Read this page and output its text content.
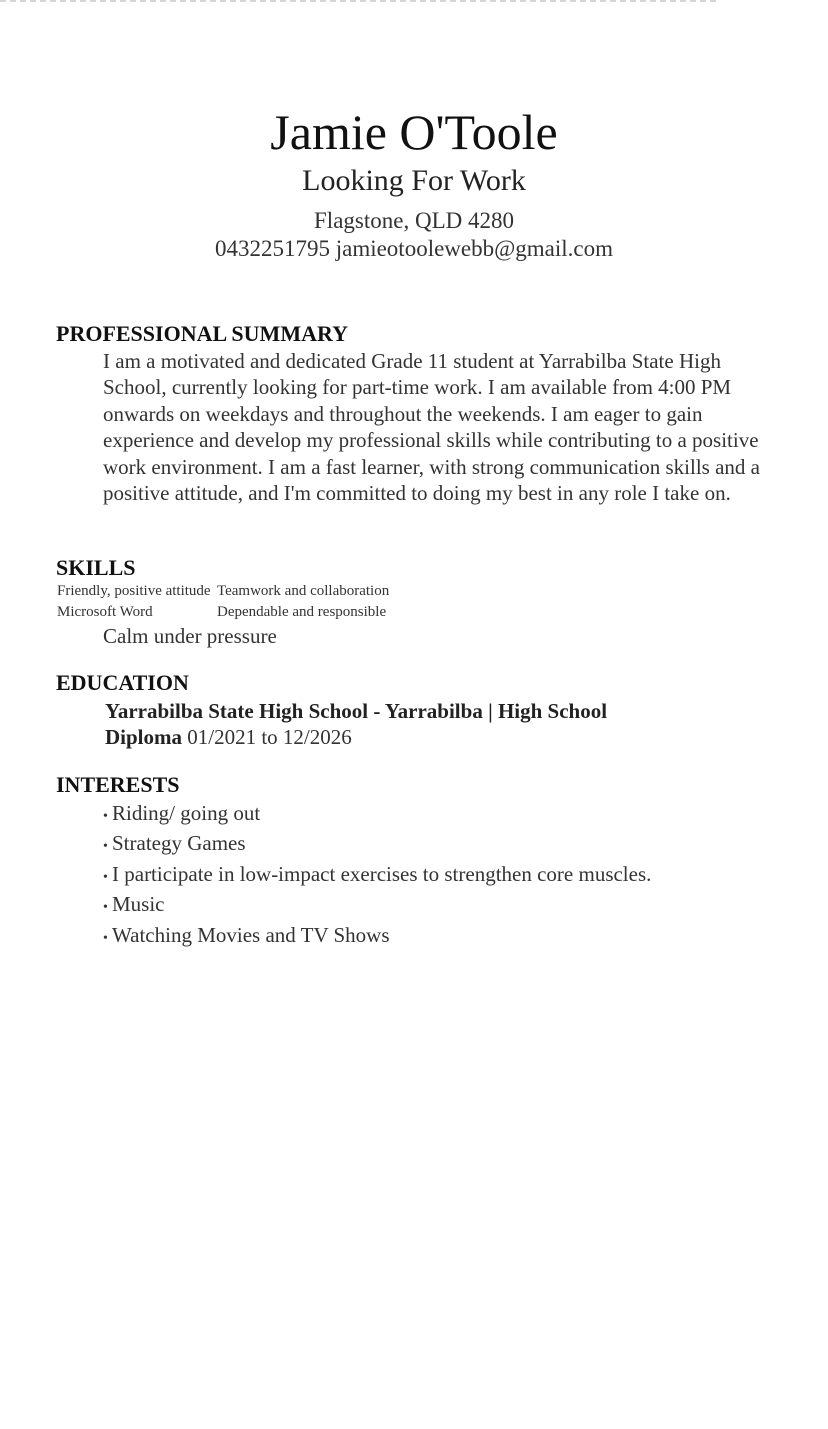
Jamie O'Toole
Looking For Work
Flagstone, QLD 4280
0432251795 jamieotoolewebb@gmail.com
PROFESSIONAL SUMMARY
I am a motivated and dedicated Grade 11 student at Yarrabilba State High School, currently looking for part-time work. I am available from 4:00 PM onwards on weekdays and throughout the weekends. I am eager to gain experience and develop my professional skills while contributing to a positive work environment. I am a fast learner, with strong communication skills and a positive attitude, and I'm committed to doing my best in any role I take on.
SKILLS
Friendly, positive attitude Teamwork and collaboration
Microsoft Word	Dependable and responsible
Calm under pressure
EDUCATION
Yarrabilba State High School - Yarrabilba | High School Diploma 01/2021 to 12/2026
INTERESTS
• Riding/ going out
• Strategy Games
• I participate in low-impact exercises to strengthen core muscles.
• Music
• Watching Movies and TV Shows
